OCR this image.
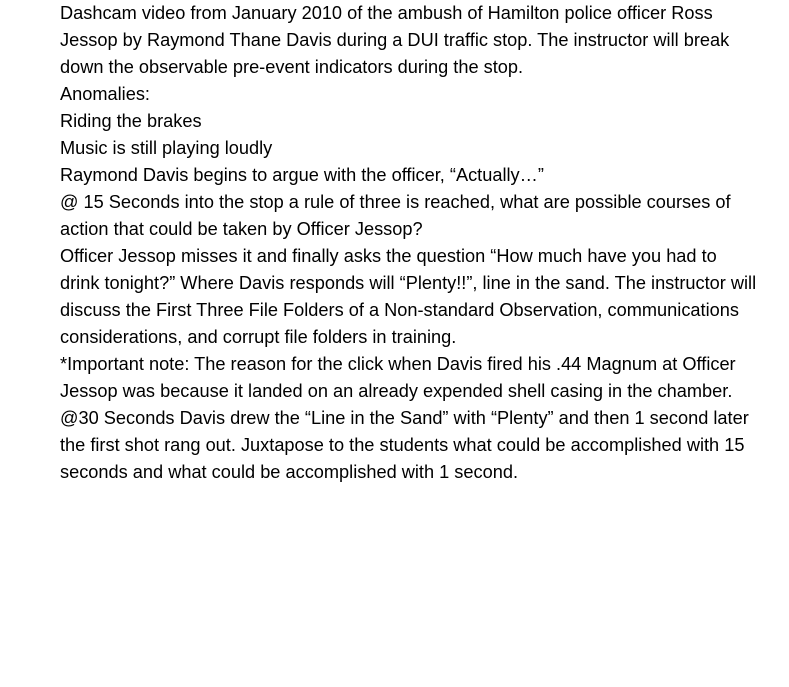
Dashcam video from January 2010 of the ambush of Hamilton police officer Ross Jessop by Raymond Thane Davis during a DUI traffic stop. The instructor will break down the observable pre-event indicators during the stop.

Anomalies:

Riding the brakes

Music is still playing loudly

Raymond Davis begins to argue with the officer, “Actually…”

@ 15 Seconds into the stop a rule of three is reached, what are possible courses of action that could be taken by Officer Jessop?

Officer Jessop misses it and finally asks the question “How much have you had to drink tonight?” Where Davis responds will “Plenty!!”, line in the sand. The instructor will discuss the First Three File Folders of a Non-standard Observation, communications considerations, and corrupt file folders in training.

*Important note: The reason for the click when Davis fired his .44 Magnum at Officer Jessop was because it landed on an already expended shell casing in the chamber.

@30 Seconds Davis drew the “Line in the Sand” with “Plenty” and then 1 second later the first shot rang out. Juxtapose to the students what could be accomplished with 15 seconds and what could be accomplished with 1 second.
